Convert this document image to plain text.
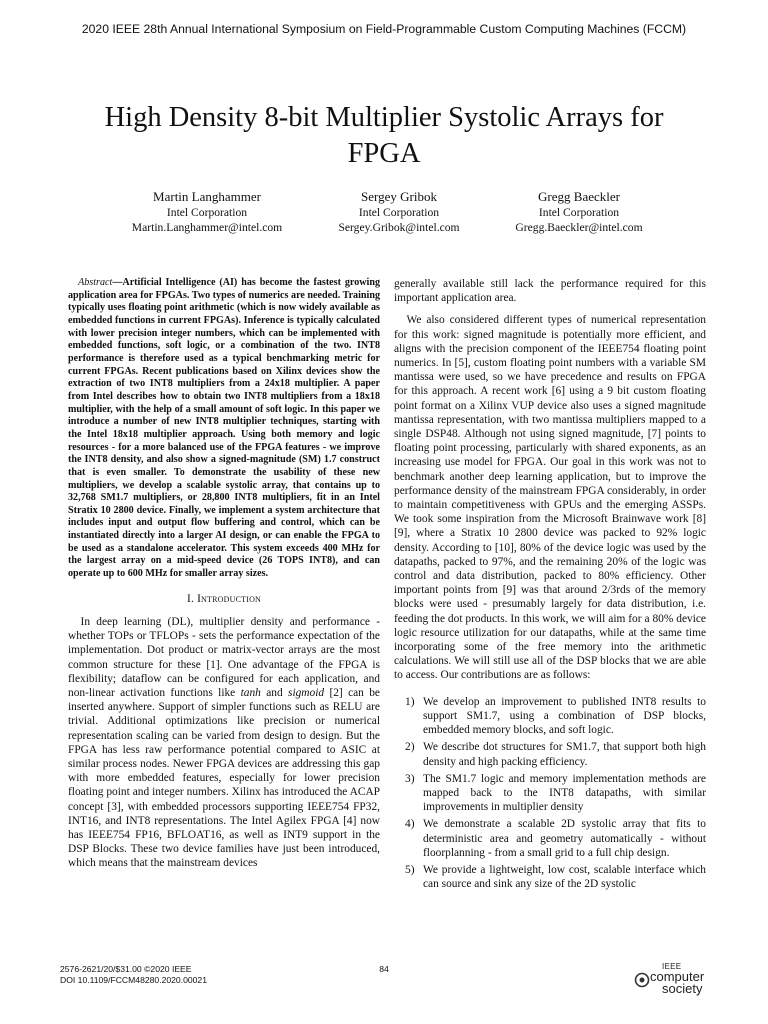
2020 IEEE 28th Annual International Symposium on Field-Programmable Custom Computing Machines (FCCM)
High Density 8-bit Multiplier Systolic Arrays for FPGA
Martin Langhammer
Intel Corporation
Martin.Langhammer@intel.com
Sergey Gribok
Intel Corporation
Sergey.Gribok@intel.com
Gregg Baeckler
Intel Corporation
Gregg.Baeckler@intel.com

Abstract—Artificial Intelligence (AI) has become the fastest growing application area for FPGAs. Two types of numerics are needed. Training typically uses floating point arithmetic (which is now widely available as embedded functions in current FPGAs). Inference is typically calculated with lower precision integer numbers, which can be implemented with embedded functions, soft logic, or a combination of the two. INT8 performance is therefore used as a typical benchmarking metric for current FPGAs. Recent publications based on Xilinx devices show the extraction of two INT8 multipliers from a 24x18 multiplier. A paper from Intel describes how to obtain two INT8 multipliers from a 18x18 multiplier, with the help of a small amount of soft logic. In this paper we introduce a number of new INT8 multiplier techniques, starting with the Intel 18x18 multiplier approach. Using both memory and logic resources - for a more balanced use of the FPGA features - we improve the INT8 density, and also show a signed-magnitude (SM) 1.7 construct that is even smaller. To demonstrate the usability of these new multipliers, we develop a scalable systolic array, that contains up to 32,768 SM1.7 multipliers, or 28,800 INT8 multipliers, fit in an Intel Stratix 10 2800 device. Finally, we implement a system architecture that includes input and output flow buffering and control, which can be instantiated directly into a larger AI design, or can enable the FPGA to be used as a standalone accelerator. This system exceeds 400 MHz for the largest array on a mid-speed device (26 TOPS INT8), and can operate up to 600 MHz for smaller array sizes.

I. Introduction

In deep learning (DL), multiplier density and performance - whether TOPs or TFLOPs - sets the performance expectation of the implementation. Dot product or matrix-vector arrays are the most common structure for these [1]. One advantage of the FPGA is flexibility; dataflow can be configured for each application, and non-linear activation functions like tanh and sigmoid [2] can be inserted anywhere. Support of simpler functions such as RELU are trivial. Additional optimizations like precision or numerical representation scaling can be varied from design to design. But the FPGA has less raw performance potential compared to ASIC at similar process nodes. Newer FPGA devices are addressing this gap with more embedded features, especially for lower precision floating point and integer numbers. Xilinx has introduced the ACAP concept [3], with embedded processors supporting IEEE754 FP32, INT16, and INT8 representations. The Intel Agilex FPGA [4] now has IEEE754 FP16, BFLOAT16, as well as INT9 support in the DSP Blocks. These two device families have just been introduced, which means that the mainstream devices

generally available still lack the performance required for this important application area.

We also considered different types of numerical representation for this work: signed magnitude is potentially more efficient, and aligns with the precision component of the IEEE754 floating point numerics. In [5], custom floating point numbers with a variable SM mantissa were used, so we have precedence and results on FPGA for this approach. A recent work [6] using a 9 bit custom floating point format on a Xilinx VUP device also uses a signed magnitude mantissa representation, with two mantissa multipliers mapped to a single DSP48. Although not using signed magnitude, [7] points to floating point processing, particularly with shared exponents, as an increasing use model for FPGA. Our goal in this work was not to benchmark another deep learning application, but to improve the performance density of the mainstream FPGA considerably, in order to maintain competitiveness with GPUs and the emerging ASSPs. We took some inspiration from the Microsoft Brainwave work [8][9], where a Stratix 10 2800 device was packed to 92% logic density. According to [10], 80% of the device logic was used by the datapaths, packed to 97%, and the remaining 20% of the logic was control and data distribution, packed to 80% efficiency. Other important points from [9] was that around 2/3rds of the memory blocks were used - presumably largely for data distribution, i.e. feeding the dot products. In this work, we will aim for a 80% device logic resource utilization for our datapaths, while at the same time incorporating some of the free memory into the arithmetic calculations. We will still use all of the DSP blocks that we are able to access. Our contributions are as follows:

1) We develop an improvement to published INT8 results to support SM1.7, using a combination of DSP blocks, embedded memory blocks, and soft logic.
2) We describe dot structures for SM1.7, that support both high density and high packing efficiency.
3) The SM1.7 logic and memory implementation methods are mapped back to the INT8 datapaths, with similar improvements in multiplier density
4) We demonstrate a scalable 2D systolic array that fits to deterministic area and geometry automatically - without floorplanning - from a small grid to a full chip design.
5) We provide a lightweight, low cost, scalable interface which can source and sink any size of the 2D systolic
2576-2621/20/$31.00 ©2020 IEEE
DOI 10.1109/FCCM48280.2020.00021
84	IEEE
computer
society
